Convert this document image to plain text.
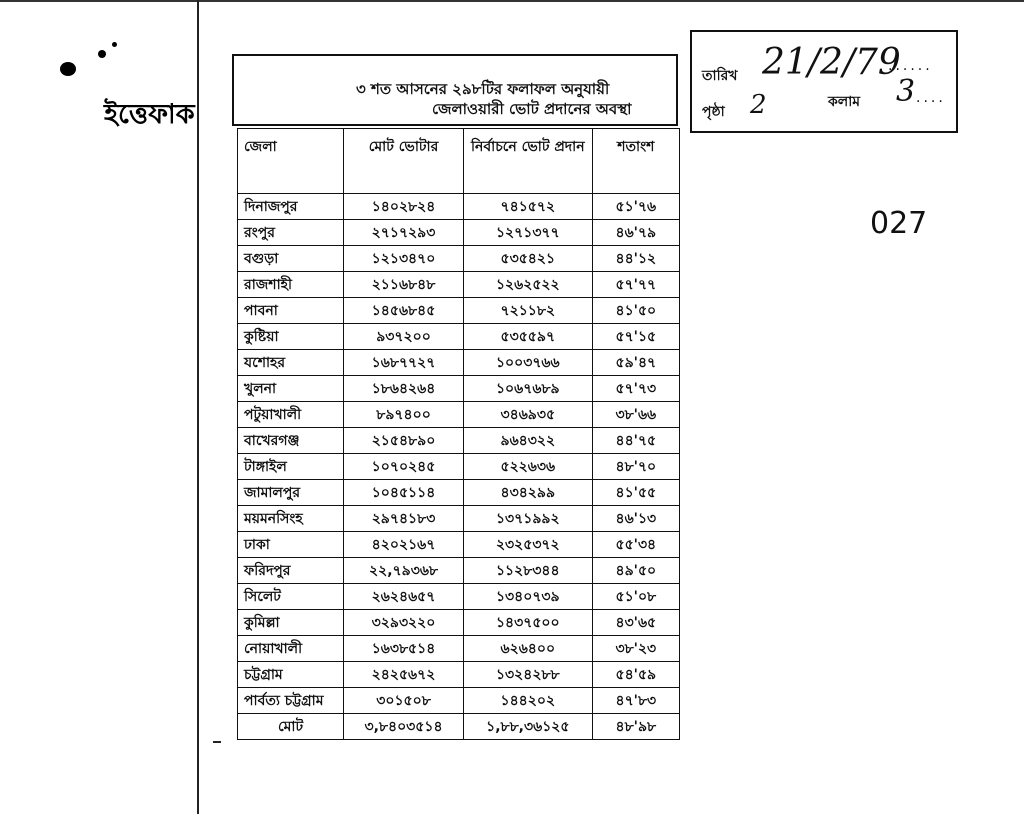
ইত্তেফাক
৩ শত আসনের ২৯৮টির ফলাফল অনুযায়ী
জেলাওয়ারী ভোট প্রদানের অবস্থা
জেলা	মোট ভোটার	নির্বাচনে ভোট প্রদান	শতাংশ
দিনাজপুর	১৪০২৮২৪	৭৪১৫৭২	৫১'৭৬
রংপুর	২৭১৭২৯৩	১২৭১৩৭৭	৪৬'৭৯
বগুড়া	১২১৩৪৭০	৫৩৫৪২১	৪৪'১২
রাজশাহী	২১১৬৮৪৮	১২৬২৫২২	৫৭'৭৭
পাবনা	১৪৫৬৮৪৫	৭২১১৮২	৪১'৫০
কুষ্টিয়া	৯৩৭২০০	৫৩৫৫৯৭	৫৭'১৫
যশোহর	১৬৮৭৭২৭	১০০৩৭৬৬	৫৯'৪৭
খুলনা	১৮৬৪২৬৪	১০৬৭৬৮৯	৫৭'৭৩
পটুয়াখালী	৮৯৭৪০০	৩৪৬৯৩৫	৩৮'৬৬
বাখেরগঞ্জ	২১৫৪৮৯০	৯৬৪৩২২	৪৪'৭৫
টাঙ্গাইল	১০৭০২৪৫	৫২২৬৩৬	৪৮'৭০
জামালপুর	১০৪৫১১৪	৪৩৪২৯৯	৪১'৫৫
ময়মনসিংহ	২৯৭৪১৮৩	১৩৭১৯৯২	৪৬'১৩
ঢাকা	৪২০২১৬৭	২৩২৫৩৭২	৫৫'৩৪
ফরিদপুর	২২,৭৯৩৬৮	১১২৮৩৪৪	৪৯'৫০
সিলেট	২৬২৪৬৫৭	১৩৪০৭৩৯	৫১'০৮
কুমিল্লা	৩২৯৩২২০	১৪৩৭৫০০	৪৩'৬৫
নোয়াখালী	১৬৩৮৫১৪	৬২৬৪০০	৩৮'২৩
চট্টগ্রাম	২৪২৫৬৭২	১৩২৪২৮৮	৫৪'৫৯
পার্বত্য চট্টগ্রাম	৩০১৫০৮	১৪৪২০২	৪৭'৮৩
মোট	৩,৮৪০৩৫১৪	১,৮৮,৩৬১২৫	৪৮'৯৮
তারিখ 21/2/79
......
পৃষ্ঠা 2	কলাম 3 ....
027
